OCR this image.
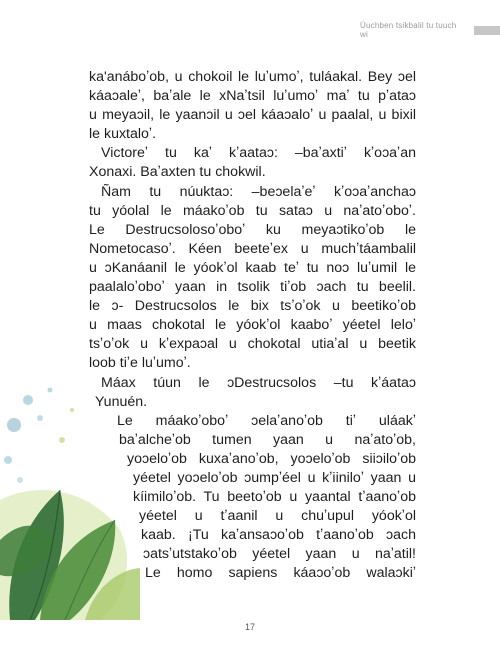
Úuchben tsikbalil tu tuuch wi
ka'anáboʼob, u chokoil le luʼumoʼ, tuláakal. Bey ɔel
káaɔaleʼ, baʼale le xNaʼtsil luʼumoʼ maʼ tu pʼataɔ
u meyaɔil, le yaanɔil u ɔel káaɔaloʼ u paalal, u bixil
le kuxtaloʼ.
Victoreʼ tu kaʼ kʼaataɔ: –baʼaxtiʼ kʼoɔaʼan
Xonaxi. Baʼaxten tu chokwil.
Ñam tu núuktaɔ: –beɔelaʼeʼ kʼoɔaʼanchaɔ
tu yóolal le máakoʼob tu sataɔ u naʼatoʼoboʼ.
Le Destrucsolosoʼoboʼ ku meyaɔtikoʼob le
Nometocasoʼ. Kéen beeteʼex u muchʼtáambalil
u ɔKanáanil le yóokʼol kaab teʼ tu noɔ luʼumil le
paalaloʼoboʼ yaan in tsolik tiʼob ɔach tu beelil.
le ɔ- Destrucsolos le bix tsʼoʼok u beetikoʼob
u maas chokotal le yóokʼol kaaboʼ yéetel leloʼ
tsʼoʼok u kʼexpaɔal u chokotal utiaʼal u beetik
loob tiʼe luʼumoʼ.
Máax túun le ɔDestrucsolos –tu kʼáataɔ
Yunuén.
Le máakoʼoboʼ ɔelaʼanoʼob tiʼ uláakʼ
baʼalcheʼob tumen yaan u naʼatoʼob,
yoɔeloʼob kuxaʼanoʼob, yoɔeloʼob siiɔiloʼob
yéetel yoɔeloʼob ɔumpʼéel u kʼiiniloʼ yaan u
kíimiloʼob. Tu beetoʼob u yaantal tʼaanoʼob
yéetel u tʼaanil u chuʼupul yóokʼol
kaab. ¡Tu kaʼansaɔoʼob tʼaanoʼob ɔach
ɔatsʼutstakoʼob yéetel yaan u naʼatil!
Le homo sapiens káaɔoʼob walaɔkiʼ
17
